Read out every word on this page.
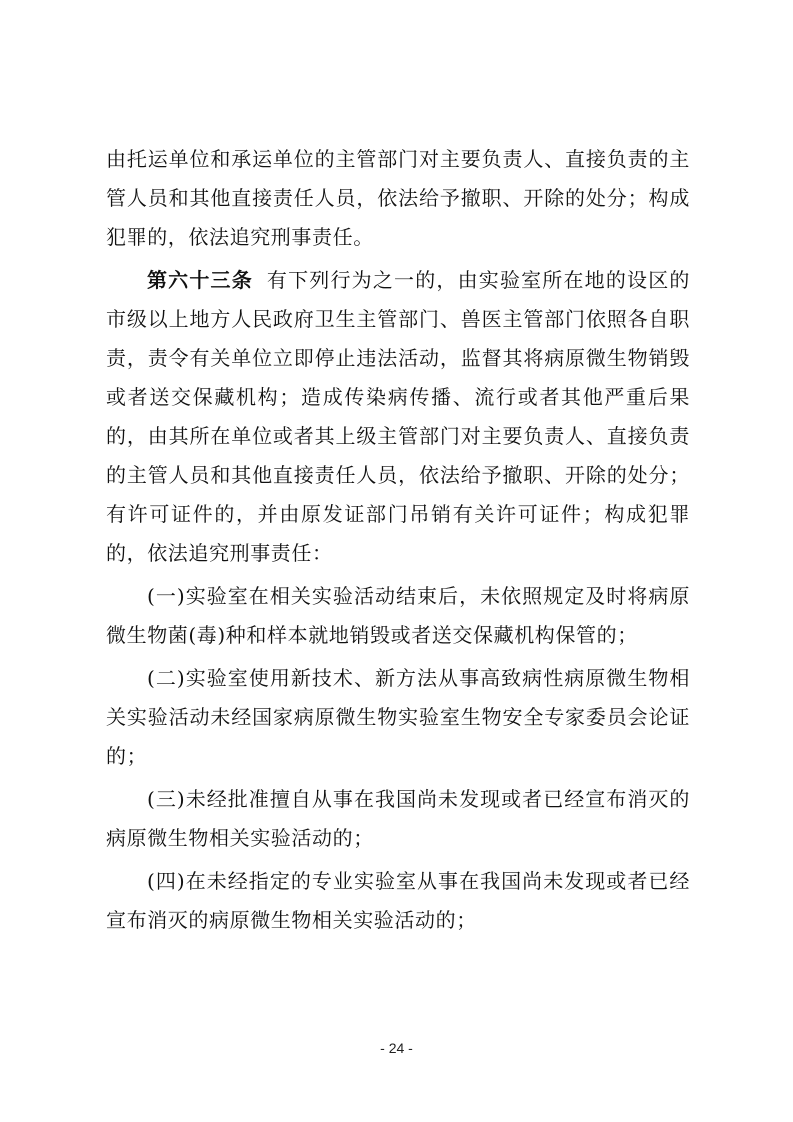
由托运单位和承运单位的主管部门对主要负责人、直接负责的主管人员和其他直接责任人员，依法给予撤职、开除的处分；构成犯罪的，依法追究刑事责任。

第六十三条 有下列行为之一的，由实验室所在地的设区的市级以上地方人民政府卫生主管部门、兽医主管部门依照各自职责，责令有关单位立即停止违法活动，监督其将病原微生物销毁或者送交保藏机构；造成传染病传播、流行或者其他严重后果的，由其所在单位或者其上级主管部门对主要负责人、直接负责的主管人员和其他直接责任人员，依法给予撤职、开除的处分；有许可证件的，并由原发证部门吊销有关许可证件；构成犯罪的，依法追究刑事责任：

(一)实验室在相关实验活动结束后，未依照规定及时将病原微生物菌(毒)种和样本就地销毁或者送交保藏机构保管的；

(二)实验室使用新技术、新方法从事高致病性病原微生物相关实验活动未经国家病原微生物实验室生物安全专家委员会论证的；

(三)未经批准擅自从事在我国尚未发现或者已经宣布消灭的病原微生物相关实验活动的；

(四)在未经指定的专业实验室从事在我国尚未发现或者已经宣布消灭的病原微生物相关实验活动的；

- 24 -
